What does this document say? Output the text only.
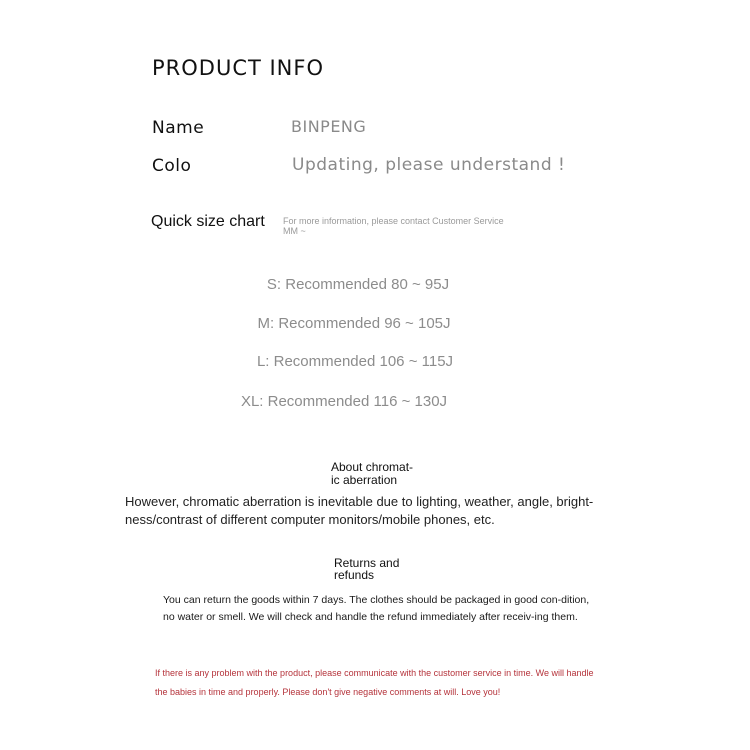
PRODUCT INFO
Name	BINPENG
Colo	Updating, please understand !
Quick size chart For more information, please contact Customer Service MM ~
S: Recommended 80 ~ 95J
M: Recommended 96 ~ 105J
L: Recommended 106 ~ 115J
XL: Recommended 116 ~ 130J
About chromat-
ic aberration
However, chromatic aberration is inevitable due to lighting, weather, angle, bright-ness/contrast of different computer monitors/mobile phones, etc.
Returns and
refunds
You can return the goods within 7 days. The clothes should be packaged in good con-dition, no water or smell. We will check and handle the refund immediately after receiv-ing them.
If there is any problem with the product, please communicate with the customer service in time. We will handle the babies in time and properly. Please don't give negative comments at will. Love you!
